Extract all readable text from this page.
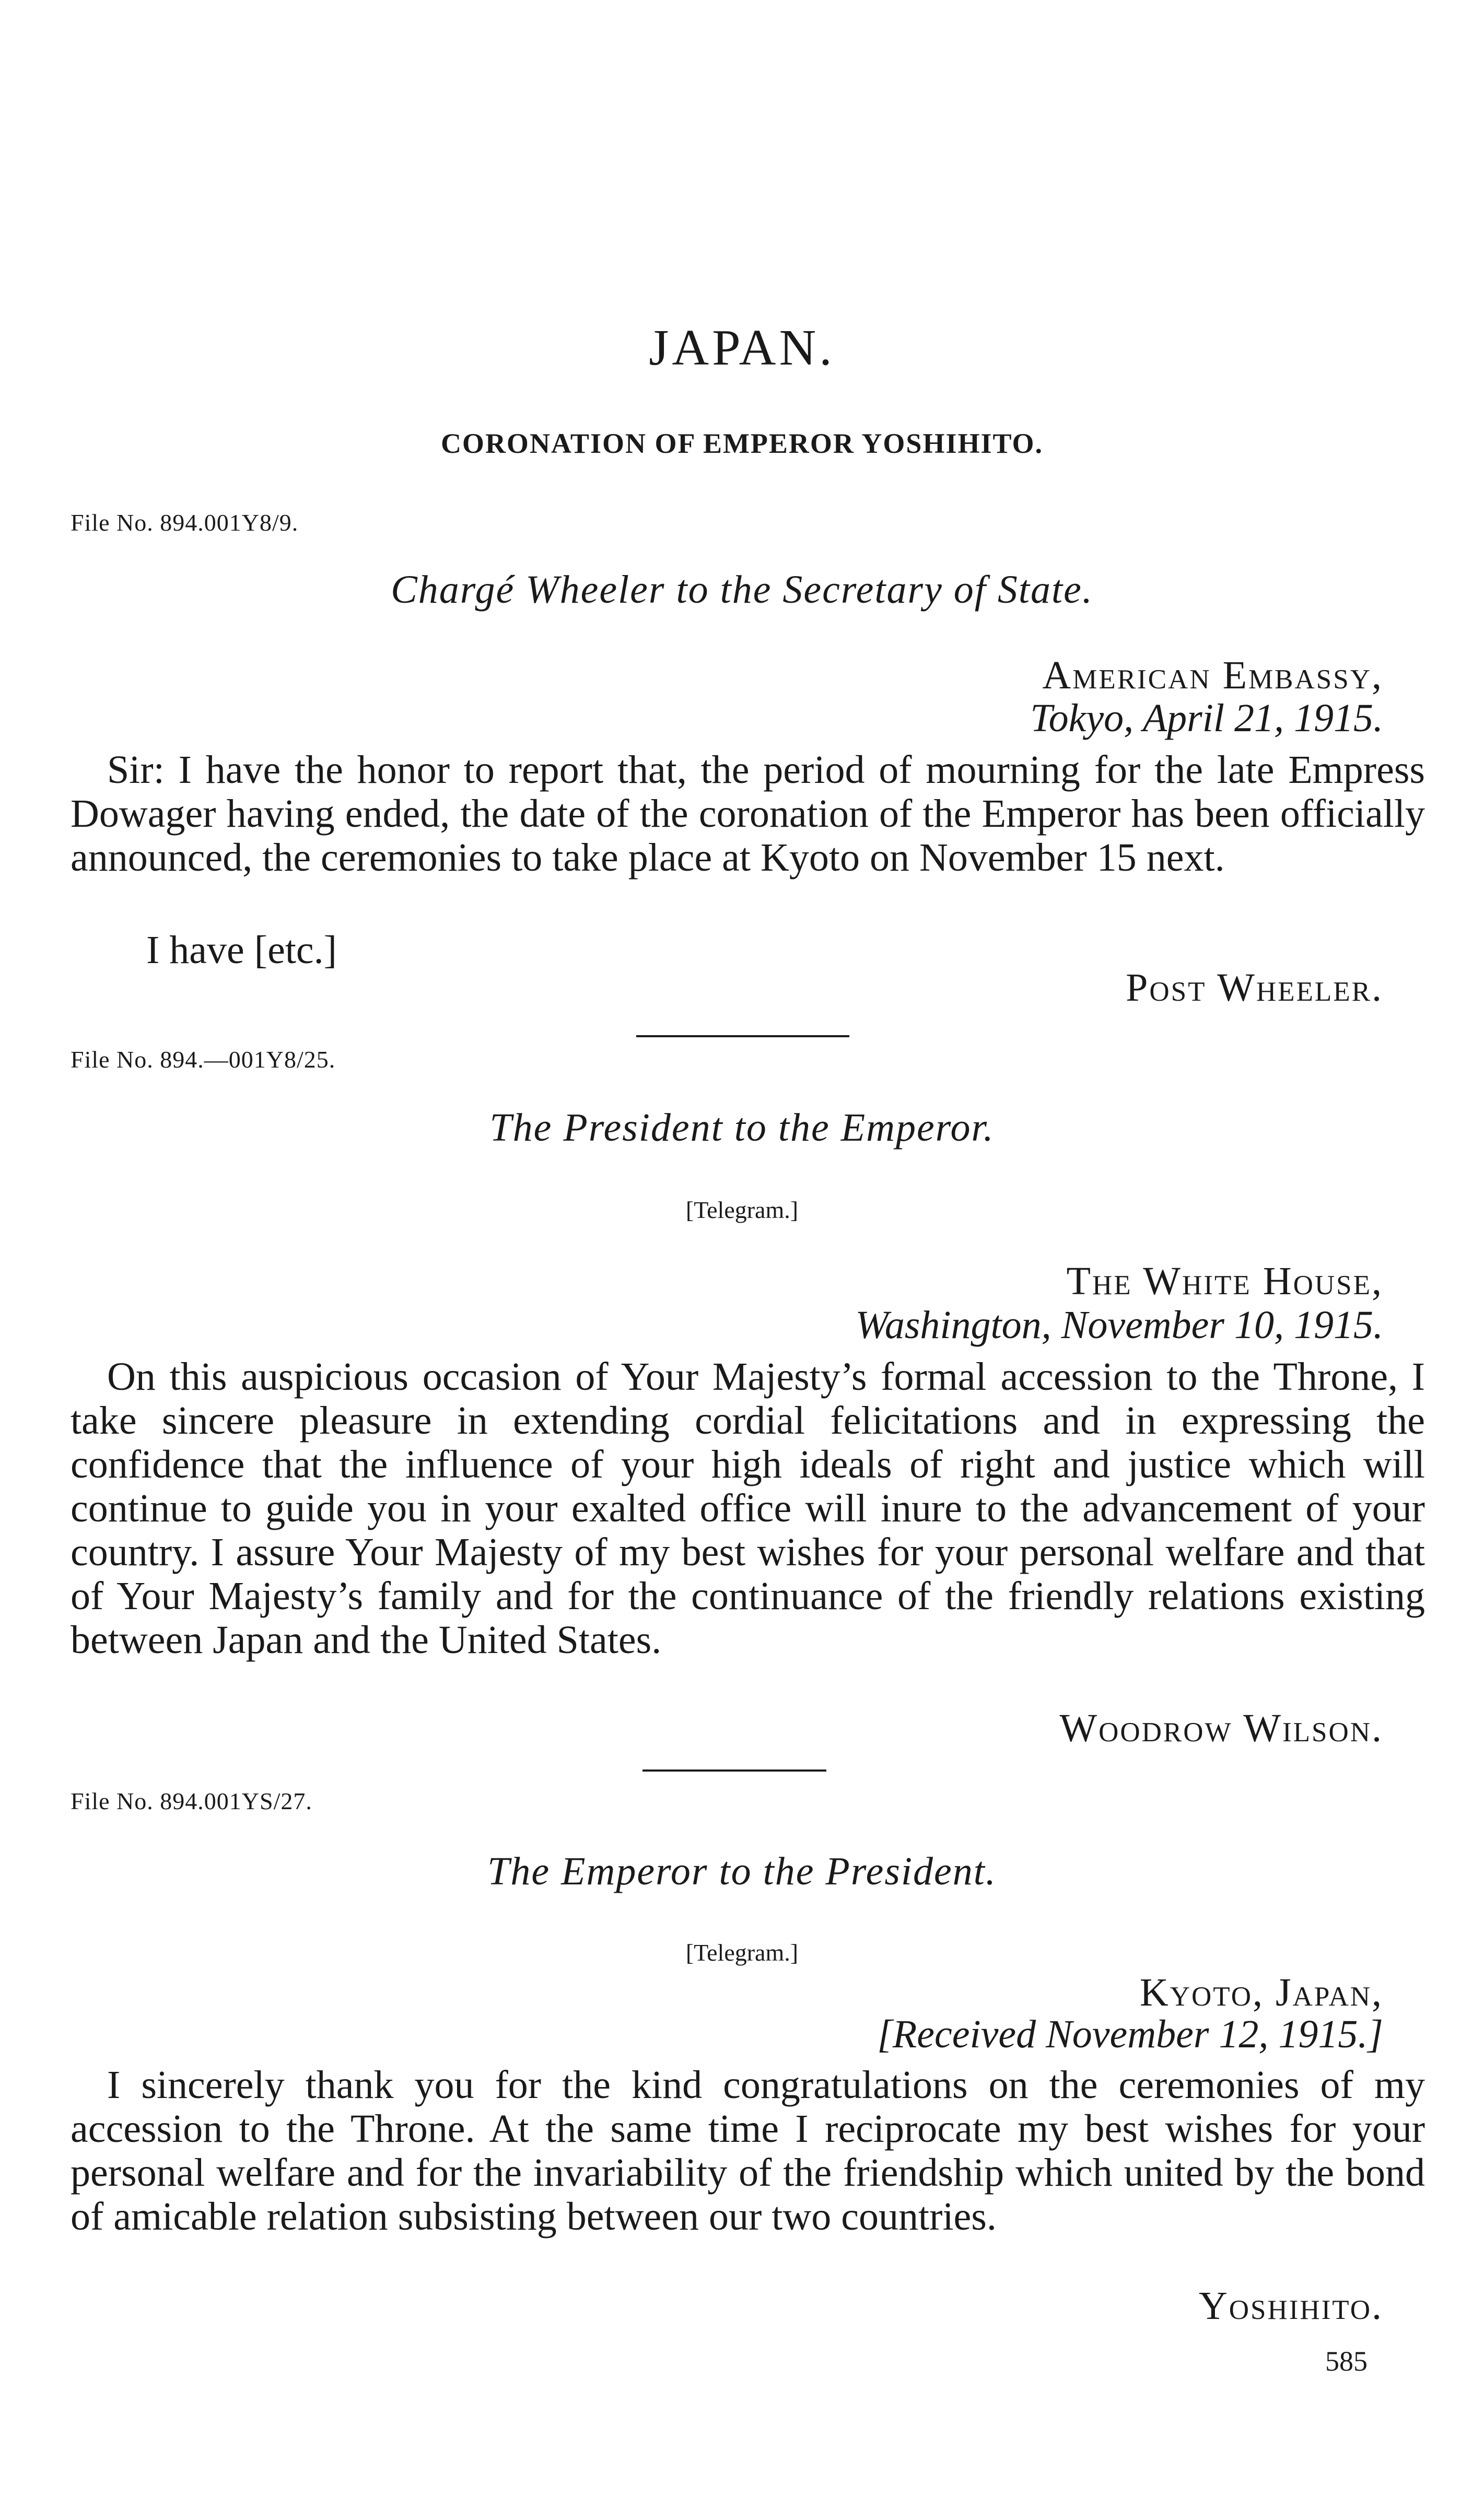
JAPAN.
CORONATION OF EMPEROR YOSHIHITO.
File No. 894.001Y8/9.
Chargé Wheeler to the Secretary of State.
American Embassy,
Tokyo, April 21, 1915.
Sir: I have the honor to report that, the period of mourning for the late Empress Dowager having ended, the date of the coronation of the Emperor has been officially announced, the ceremonies to take place at Kyoto on November 15 next.
I have [etc.]
Post Wheeler.
File No. 894.—001Y8/25.
The President to the Emperor.
[Telegram.]
The White House,
Washington, November 10, 1915.
On this auspicious occasion of Your Majesty’s formal accession to the Throne, I take sincere pleasure in extending cordial felicitations and in expressing the confidence that the influence of your high ideals of right and justice which will continue to guide you in your exalted office will inure to the advancement of your country. I assure Your Majesty of my best wishes for your personal welfare and that of Your Majesty’s family and for the continuance of the friendly relations existing between Japan and the United States.
Woodrow Wilson.
File No. 894.001YS/27.
The Emperor to the President.
[Telegram.]
Kyoto, Japan,
[Received November 12, 1915.]
I sincerely thank you for the kind congratulations on the ceremonies of my accession to the Throne. At the same time I reciprocate my best wishes for your personal welfare and for the invariability of the friendship which united by the bond of amicable relation subsisting between our two countries.
Yoshihito.
585
